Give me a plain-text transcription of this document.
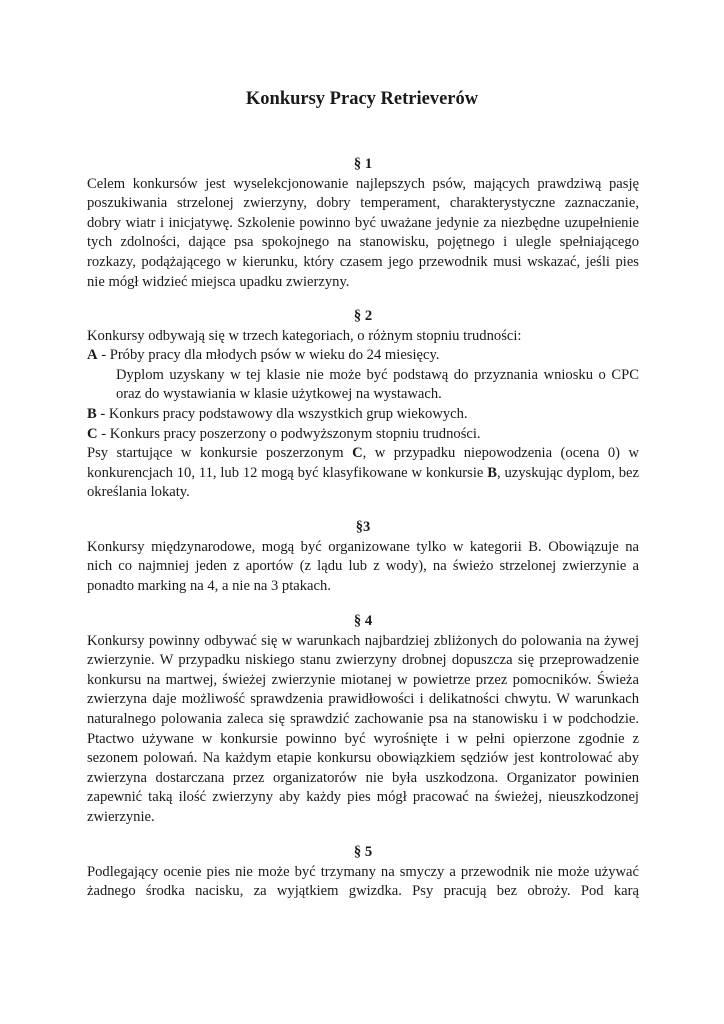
Konkursy Pracy Retrieverów

§ 1

Celem konkursów jest wyselekcjonowanie najlepszych psów, mających prawdziwą pasję poszukiwania strzelonej zwierzyny, dobry temperament, charakterystyczne zaznaczanie, dobry wiatr i inicjatywę. Szkolenie powinno być uważane jedynie za niezbędne uzupełnienie tych zdolności, dające psa spokojnego na stanowisku, pojętnego i ulegle spełniającego rozkazy, podążającego w kierunku, który czasem jego przewodnik musi wskazać, jeśli pies nie mógł widzieć miejsca upadku zwierzyny.

§ 2

Konkursy odbywają się w trzech kategoriach, o różnym stopniu trudności:

A - Próby pracy dla młodych psów w wieku do 24 miesięcy.

Dyplom uzyskany w tej klasie nie może być podstawą do przyznania wniosku o CPC oraz do wystawiania w klasie użytkowej na wystawach.

B - Konkurs pracy podstawowy dla wszystkich grup wiekowych.

C - Konkurs pracy poszerzony o podwyższonym stopniu trudności.

Psy startujące w konkursie poszerzonym C, w przypadku niepowodzenia (ocena 0) w konkurencjach 10, 11, lub 12 mogą być klasyfikowane w konkursie B, uzyskując dyplom, bez określania lokaty.

§3

Konkursy międzynarodowe, mogą być organizowane tylko w kategorii B. Obowiązuje na nich co najmniej jeden z aportów (z lądu lub z wody), na świeżo strzelonej zwierzynie a ponadto marking na 4, a nie na 3 ptakach.

§ 4

Konkursy powinny odbywać się w warunkach najbardziej zbliżonych do polowania na żywej zwierzynie. W przypadku niskiego stanu zwierzyny drobnej dopuszcza się przeprowadzenie konkursu na martwej, świeżej zwierzynie miotanej w powietrze przez pomocników. Świeża zwierzyna daje możliwość sprawdzenia prawidłowości i delikatności chwytu. W warunkach naturalnego polowania zaleca się sprawdzić zachowanie psa na stanowisku i w podchodzie. Ptactwo używane w konkursie powinno być wyrośnięte i w pełni opierzone zgodnie z sezonem polowań. Na każdym etapie konkursu obowiązkiem sędziów jest kontrolować aby zwierzyna dostarczana przez organizatorów nie była uszkodzona. Organizator powinien zapewnić taką ilość zwierzyny aby każdy pies mógł pracować na świeżej, nieuszkodzonej zwierzynie.

§ 5

Podlegający ocenie pies nie może być trzymany na smyczy a przewodnik nie może używać

żadnego środka nacisku, za wyjątkiem gwizdka. Psy pracują bez obroży. Pod karą
